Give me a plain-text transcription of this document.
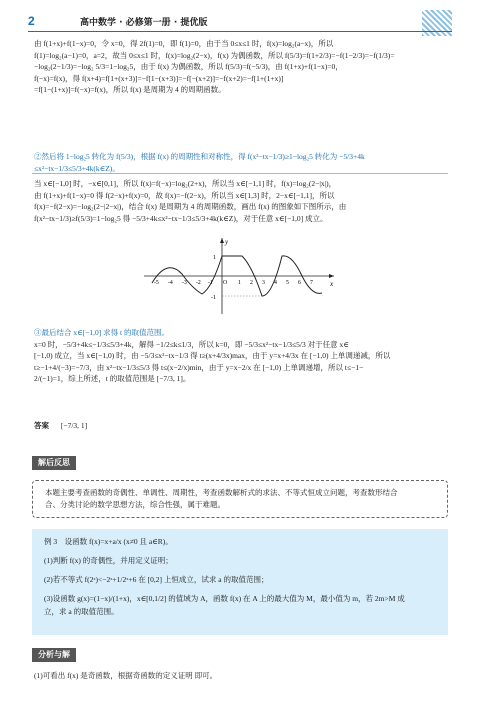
2	高中数学 · 必修第一册 · 提优版
由 f(1+x)+f(1−x)=0，令 x=0，得 2f(1)=0，即 f(1)=0，由于当 0≤x≤1 时，f(x)=log₂(a−x)，所以
f(1)=log₂(a−1)=0，a=2，故当 0≤x≤1 时，f(x)=log₂(2−x)，f(x) 为偶函数，所以 f(5/3)=f(1+2/3)=−f(1−2/3)=−f(1/3)=
−log₂(2−1/3)=−log₂ 5/3=1−log₂5，由于 f(x) 为偶函数，所以 f(5/3)=f(−5/3)，由 f(1+x)+f(1−x)=0，
f(−x)=f(x)，得 f(x+4)=f[1+(x+3)]=−f[1−(x+3)]=−f[−(x+2)]=−f(x+2)=−f[1+(1+x)]
=f[1−(1+x)]=f(−x)=f(x)，所以 f(x) 是周期为 4 的周期函数。
②然后将 1−log₂5 转化为 f(5/3)，根据 f(x) 的周期性和对称性，得 f(x²−tx−1/3)≥1−log₂5 转化为 −5/3+4k
≤x²−tx−1/3≤5/3+4k(k∈Z)。
当 x∈[−1,0] 时，−x∈[0,1]，所以 f(x)=f(−x)=log₂(2+x)，所以当 x∈[−1,1] 时，f(x)=log₂(2−|x|)，
由 f(1+x)+f(1−x)=0 得 f(2−x)+f(x)=0，故 f(x)=−f(2−x)，所以当 x∈[1,3] 时，2−x∈[−1,1]，所以
f(x)=−f(2−x)=−log₂(2−|2−x|)，结合 f(x) 是周期为 4 的周期函数，画出 f(x) 的图象如下图所示，由
f(x²−tx−1/3)≥f(5/3)=1−log₂5 得 −5/3+4k≤x²−tx−1/3≤5/3+4k(k∈Z)，对于任意 x∈[−1,0] 成立。
x
y
1
-1
-5 -4 -3 -2 -1 O 1 2 3 4 5 6 7
③最后结合 x∈[−1,0] 求得 t 的取值范围。
x=0 时，−5/3+4k≤−1/3≤5/3+4k，解得 −1/2≤k≤1/3，所以 k=0，即 −5/3≤x²−tx−1/3≤5/3 对于任意 x∈
[−1,0) 成立，当 x∈[−1,0) 时，由 −5/3≤x²−tx−1/3 得 t≥(x+4/3x)max，由于 y=x+4/3x 在 [−1,0) 上单调递减，所以
t≥−1+4/(−3)=−7/3，由 x²−tx−1/3≤5/3 得 t≤(x−2/x)min，由于 y=x−2/x 在 [−1,0) 上单调递增，所以 t≤−1−
2/(−1)=1，综上所述，t 的取值范围是 [−7/3, 1]。
答案 [−7/3, 1]
解后反思
本题主要考查函数的奇偶性、单调性、周期性，考查函数解析式的求法、不等式恒成立问题，考查数形结合
合、分类讨论的数学思想方法，综合性强，属于难题。

例 3　设函数 f(x)=x+a/x (x≠0 且 a∈R)。

(1)判断 f(x) 的奇偶性，并用定义证明；

(2)若不等式 f(2ˣ)<−2ˣ+1/2ˣ+6 在 [0,2] 上恒成立，试求 a 的取值范围；

(3)设函数 g(x)=(1−x)/(1+x)，x∈[0,1/2] 的值域为 A，函数 f(x) 在 A 上的最大值为 M，最小值为 m，若 2m>M 成
立，求 a 的取值范围。
分析与解
(1)可看出 f(x) 是奇函数，根据奇函数的定义证明 即可。
